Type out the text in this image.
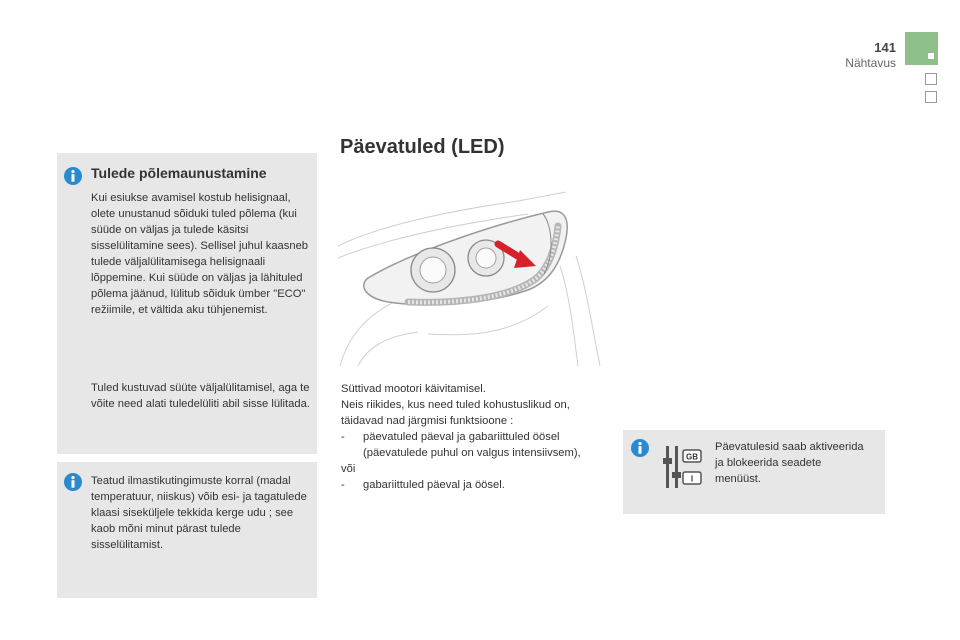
141
Nähtavus
Päevatuled (LED)
Tulede põlemaunustamine

Kui esiukse avamisel kostub helisignaal, olete unustanud sõiduki tuled põlema (kui süüde on väljas ja tulede käsitsi sisselülitamine sees). Sellisel juhul kaasneb tulede väljalülitamisega helisignaali lõppemine. Kui süüde on väljas ja lähituled põlema jäänud, lülitub sõiduk ümber "ECO" režiimile, et vältida aku tühjenemist.

Tuled kustuvad süüte väljalülitamisel, aga te võite need alati tuledelüliti abil sisse lülitada.

Teatud ilmastikutingimuste korral (madal temperatuur, niiskus) võib esi- ja tagatulede klaasi siseküljele tekkida kerge udu ; see kaob mõni minut pärast tulede sisselülitamist.

Süttivad mootori käivitamisel.

Neis riikides, kus need tuled kohustuslikud on, täidavad nad järgmisi funktsioone :

-	päevatuled päeval ja gabariittuled öösel (päevatulede puhul on valgus intensiivsem),

või

-	gabariittuled päeval ja öösel.
GB
I

Päevatulesid saab aktiveerida ja blokeerida seadete menüüst.
